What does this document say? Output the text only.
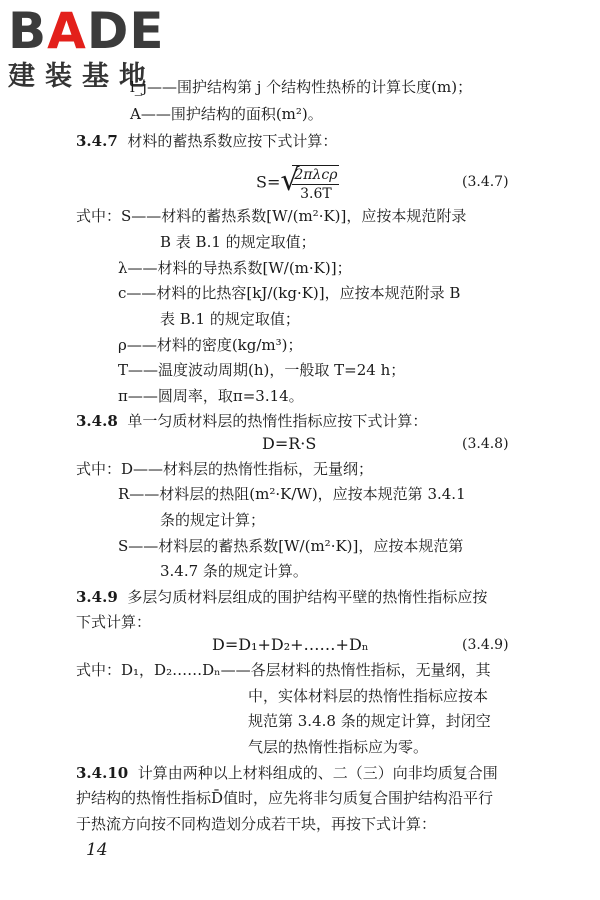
BADE
建装基地
l_j——围护结构第 j 个结构性热桥的计算长度(m)；
A——围护结构的面积(m²)。
3.4.7 材料的蓄热系数应按下式计算：
S= √
$\frac{\text{2πλcρ}}{3.6T}$	(3.4.7)
式中：S——材料的蓄热系数[W/(m²·K)]，应按本规范附录
B 表 B.1 的规定取值；
λ——材料的导热系数[W/(m·K)]；
c——材料的比热容[kJ/(kg·K)]，应按本规范附录 B
表 B.1 的规定取值；
ρ——材料的密度(kg/m³)；
T——温度波动周期(h)，一般取 T=24 h；
π——圆周率，取π=3.14。
3.4.8 单一匀质材料层的热惰性指标应按下式计算：
D=R·S	(3.4.8)
式中：D——材料层的热惰性指标，无量纲；
R——材料层的热阻(m²·K/W)，应按本规范第 3.4.1
条的规定计算；
S——材料层的蓄热系数[W/(m²·K)]，应按本规范第
3.4.7 条的规定计算。
3.4.9 多层匀质材料层组成的围护结构平壁的热惰性指标应按
下式计算：
D=D₁+D₂+……+Dₙ	(3.4.9)
式中：D₁，D₂……Dₙ——各层材料的热惰性指标，无量纲，其
中，实体材料层的热惰性指标应按本
规范第 3.4.8 条的规定计算，封闭空
气层的热惰性指标应为零。
3.4.10 计算由两种以上材料组成的、二（三）向非均质复合围
护结构的热惰性指标D̄值时，应先将非匀质复合围护结构沿平行
于热流方向按不同构造划分成若干块，再按下式计算：
14
